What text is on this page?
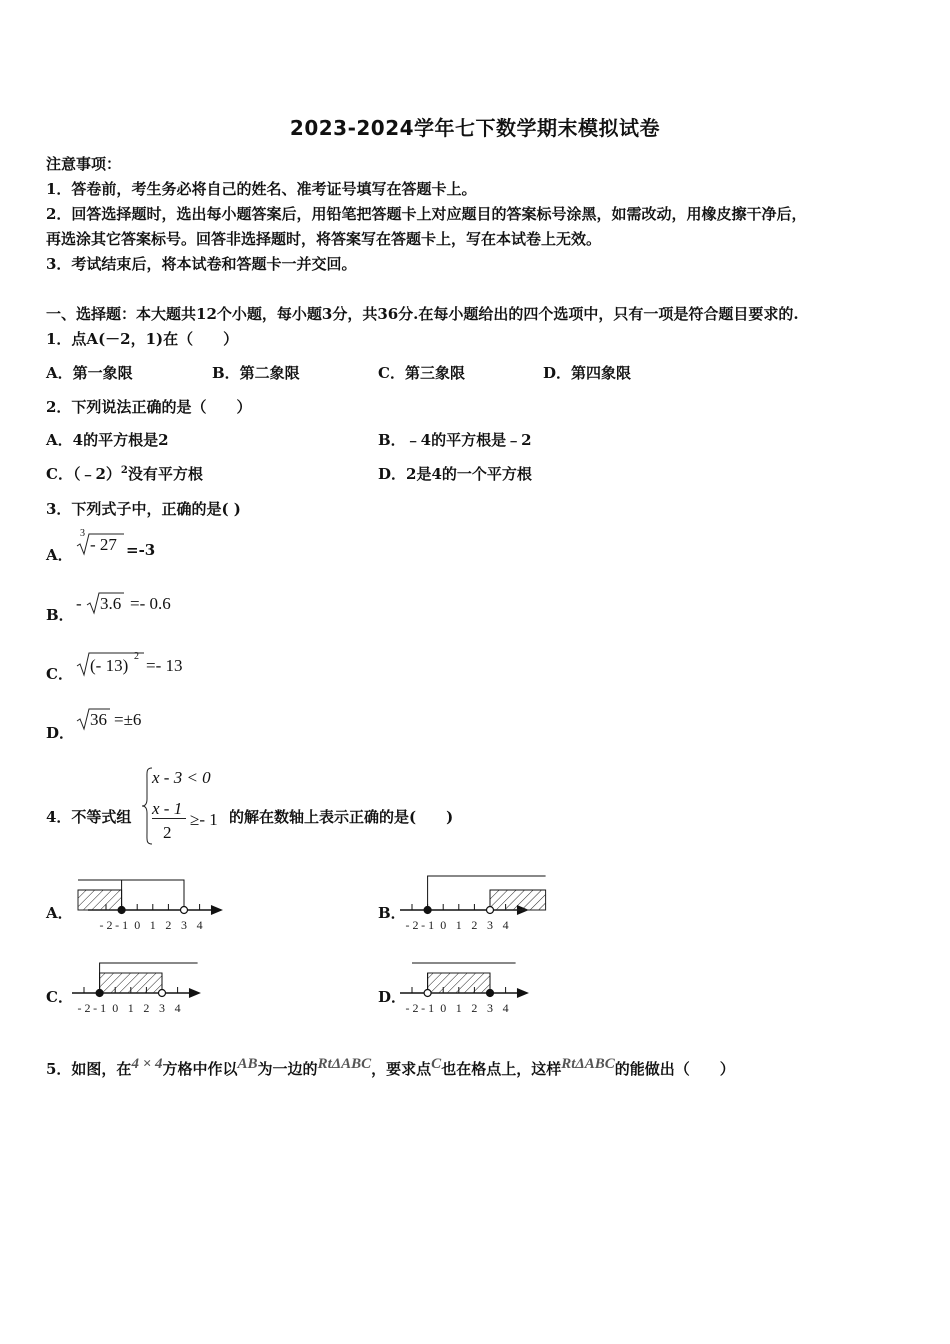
2023-2024学年七下数学期末模拟试卷
注意事项：
1．答卷前，考生务必将自己的姓名、准考证号填写在答题卡上。
2．回答选择题时，选出每小题答案后，用铅笔把答题卡上对应题目的答案标号涂黑，如需改动，用橡皮擦干净后，
再选涂其它答案标号。回答非选择题时，将答案写在答题卡上，写在本试卷上无效。
3．考试结束后，将本试卷和答题卡一并交回。
一、选择题：本大题共12个小题，每小题3分，共36分.在每小题给出的四个选项中，只有一项是符合题目要求的.
1．点A(－2，1)在（　　）
A．第一象限	B．第二象限	C．第三象限	D．第四象限
2．下列说法正确的是（　　）
A．4的平方根是2	B．﹣4的平方根是﹣2
C．（﹣2）$^2$没有平方根	D．2是4的一个平方根
3．下列式子中，正确的是( )
A．
3
- 27 =-3
B．
- 3.6 =- 0.6
C． (- 13) 2 =- 13
D．
36 =±6
4．不等式组
x - 3 < 0
x - 1
2
≥- 1 的解在数轴上表示正确的是(　　)
A．
- 2 - 1 0 1 2 3 4
B．
- 2 - 1 0 1 2 3 4
C．
- 2 - 1 0 1 2 3 4
D．
- 2 - 1 0 1 2 3 4
5．如图，在4 × 4方格中作以AB为一边的RtΔABC，要求点C也在格点上，这样RtΔABC的能做出（　　）
